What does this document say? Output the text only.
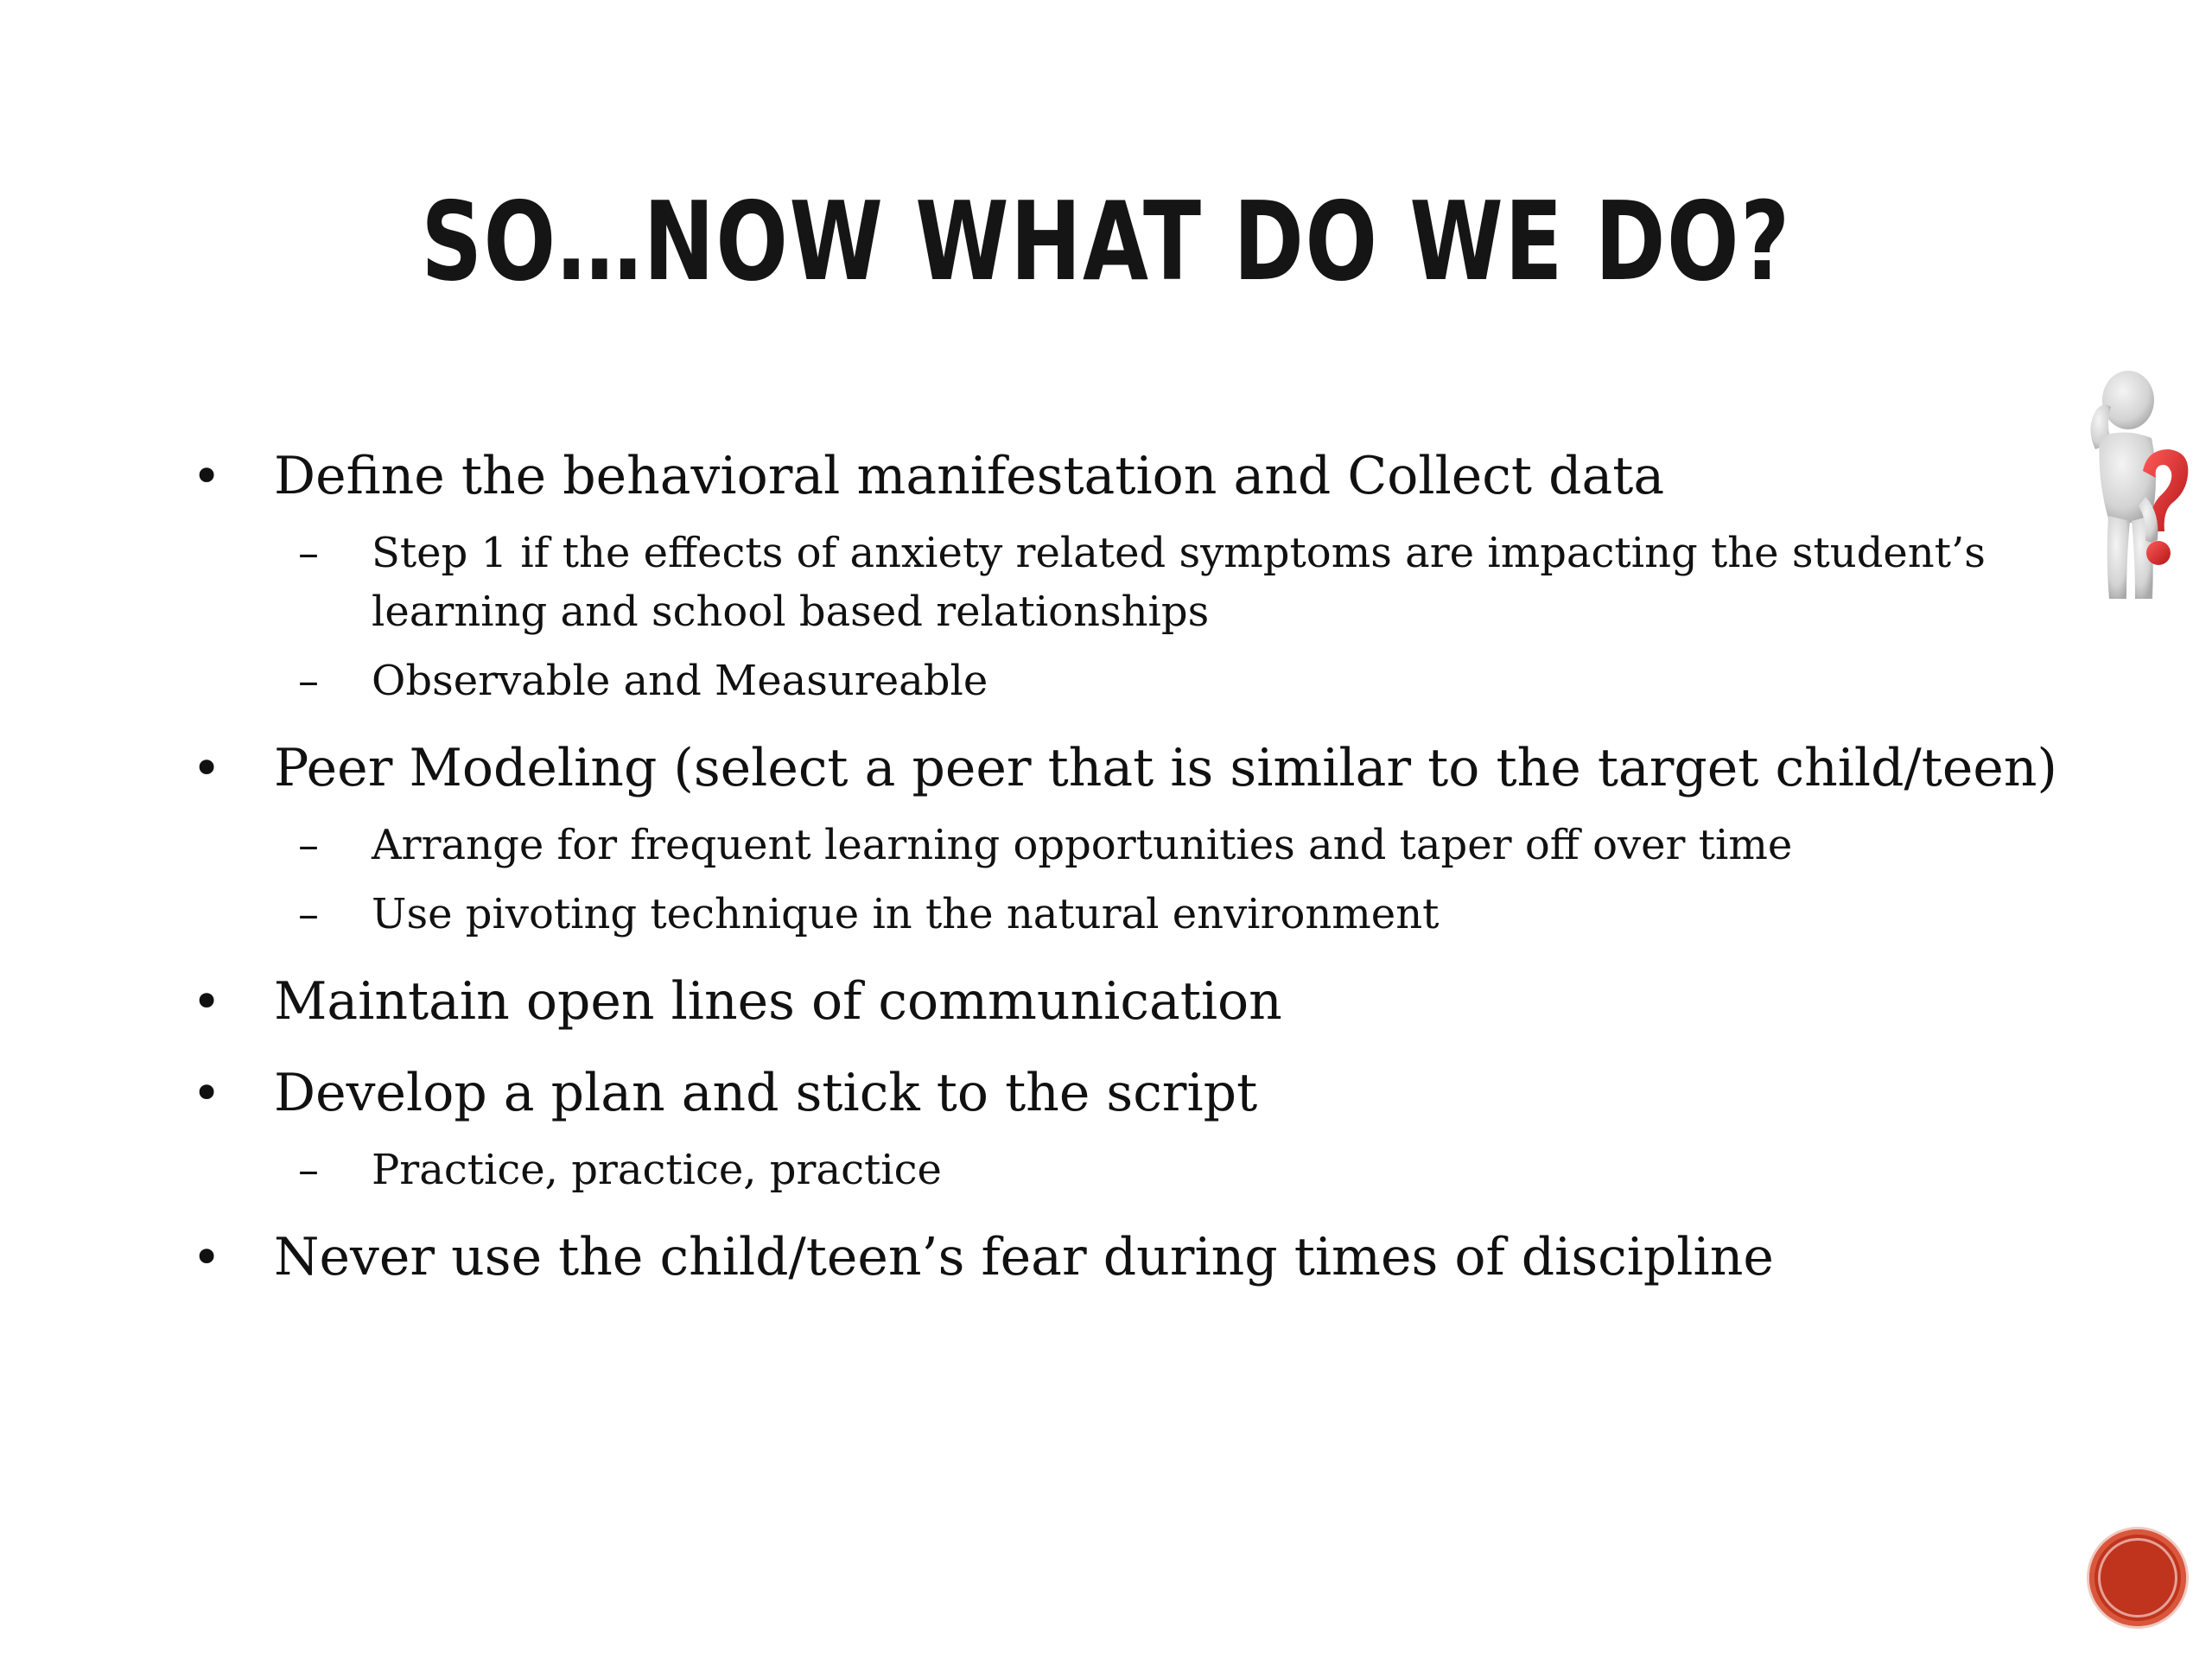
SO…NOW WHAT DO WE DO?
• Define the behavioral manifestation and Collect data
– Step 1 if the effects of anxiety related symptoms are impacting the student’s learning and school based relationships
– Observable and Measureable
• Peer Modeling (select a peer that is similar to the target child/teen)
– Arrange for frequent learning opportunities and taper off over time
– Use pivoting technique in the natural environment
• Maintain open lines of communication
• Develop a plan and stick to the script
– Practice, practice, practice
• Never use the child/teen’s fear during times of discipline
